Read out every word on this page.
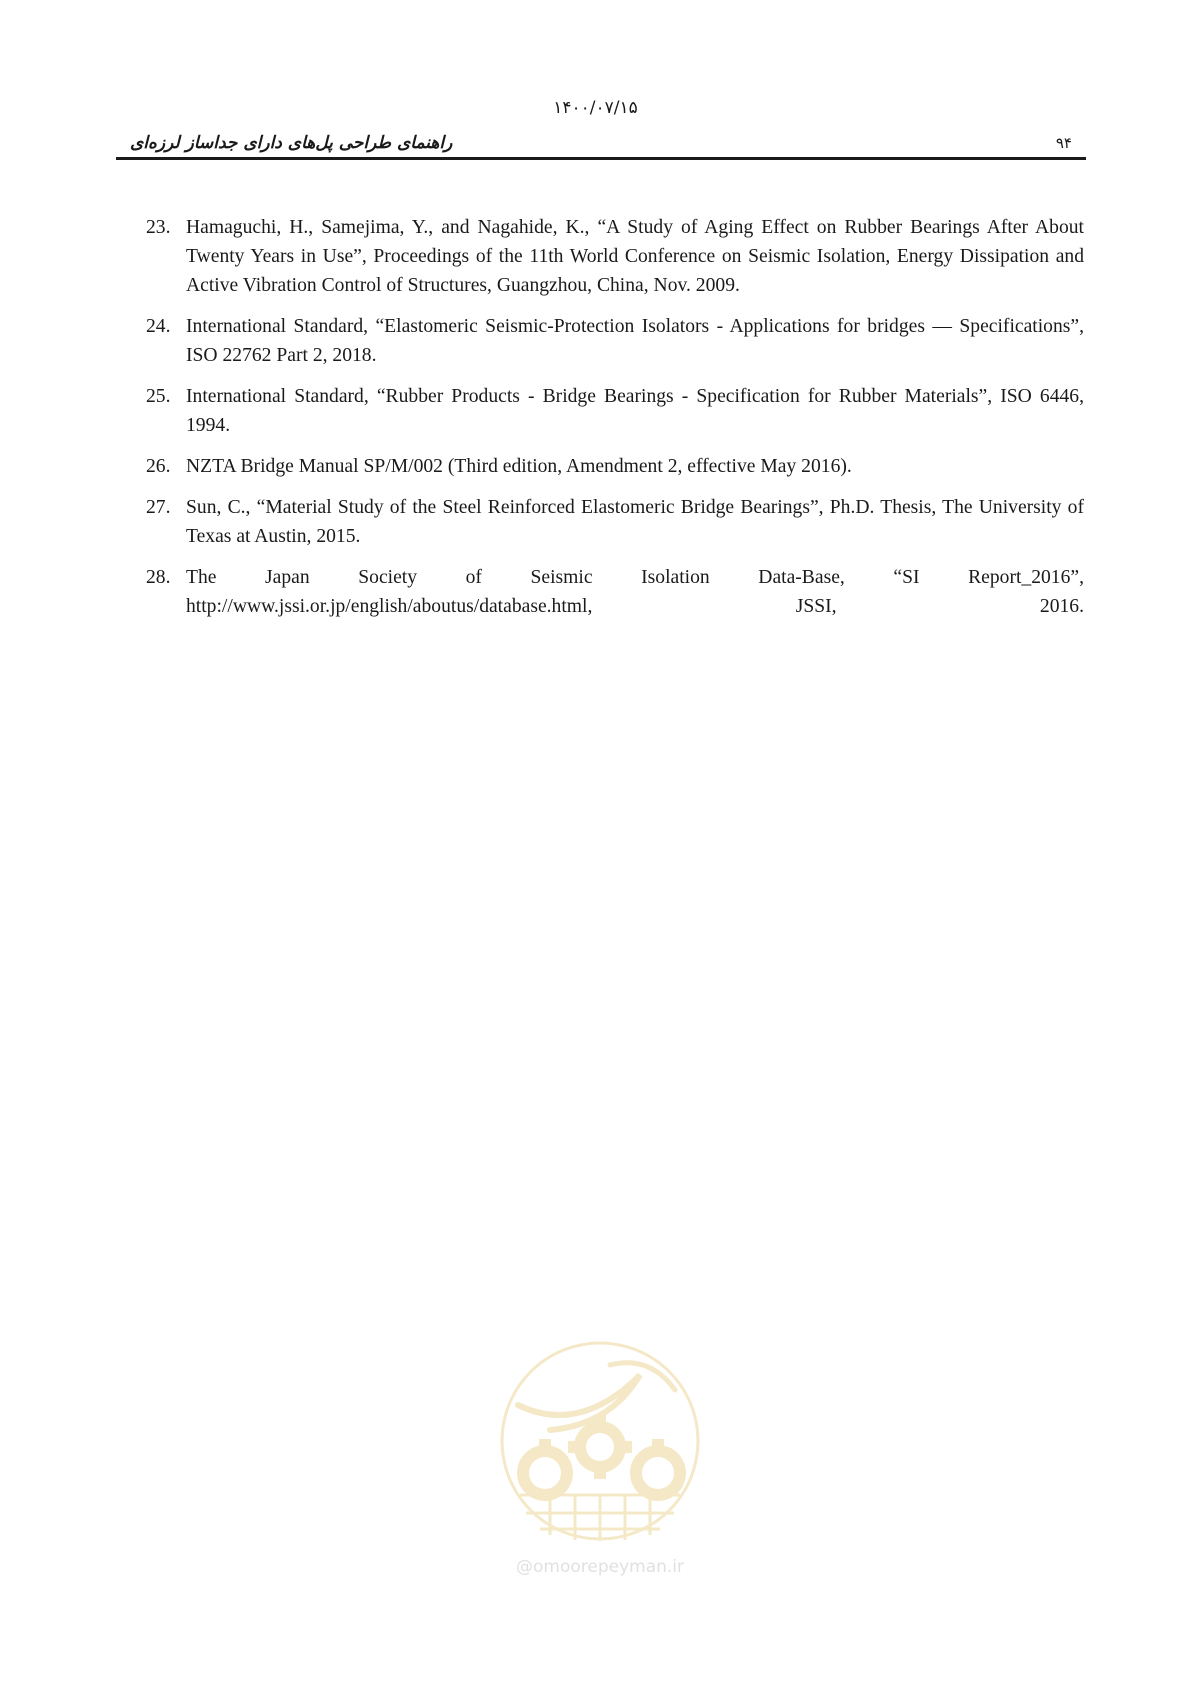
۱۴۰۰/۰۷/۱۵
راهنمای طراحی پل‌های دارای جداساز لرزه‌ای	۹۴
23. Hamaguchi, H., Samejima, Y., and Nagahide, K., “A Study of Aging Effect on Rubber Bearings After About Twenty Years in Use”, Proceedings of the 11th World Conference on Seismic Isolation, Energy Dissipation and Active Vibration Control of Structures, Guangzhou, China, Nov. 2009.
24. International Standard, “Elastomeric Seismic-Protection Isolators - Applications for bridges — Specifications”, ISO 22762 Part 2, 2018.
25. International Standard, “Rubber Products - Bridge Bearings - Specification for Rubber Materials”, ISO 6446, 1994.
26. NZTA Bridge Manual SP/M/002 (Third edition, Amendment 2, effective May 2016).
27. Sun, C., “Material Study of the Steel Reinforced Elastomeric Bridge Bearings”, Ph.D. Thesis, The University of Texas at Austin, 2015.
28. The Japan Society of Seismic Isolation Data-Base, “SI Report_2016”, http://www.jssi.or.jp/english/aboutus/database.html, JSSI, 2016.
@omoorepeyman.ir
